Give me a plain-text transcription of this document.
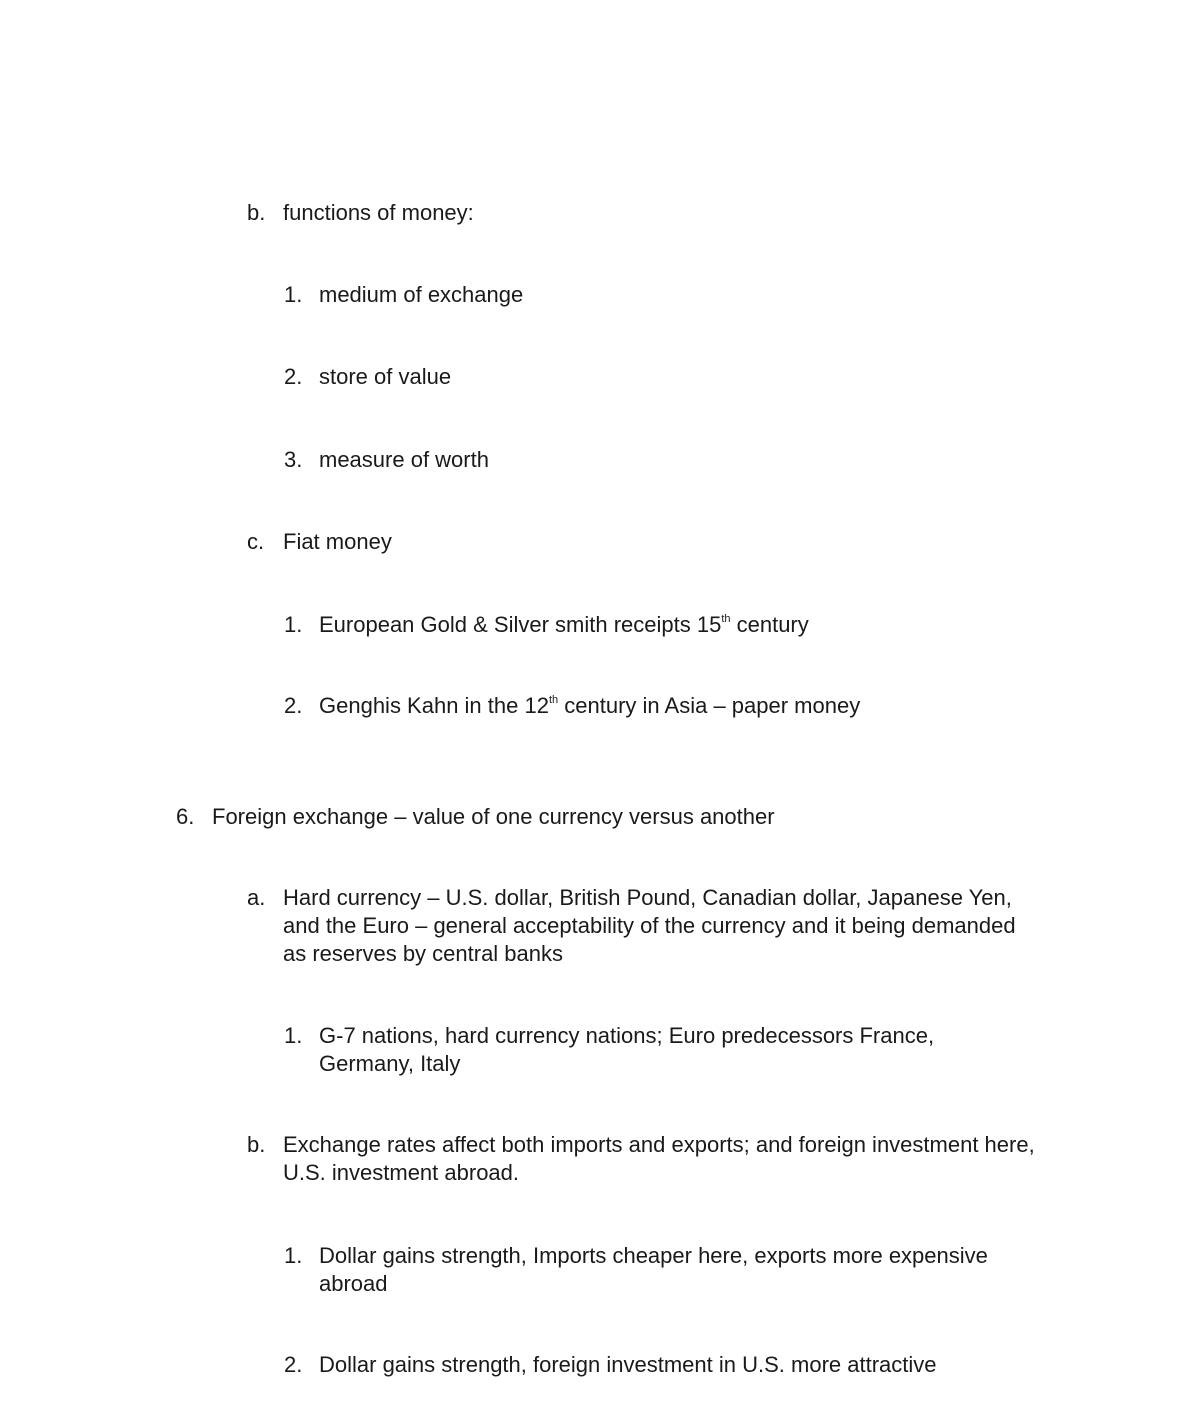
b. functions of money:
1. medium of exchange
2. store of value
3. measure of worth
c. Fiat money
1. European Gold & Silver smith receipts 15th century
2. Genghis Kahn in the 12th century in Asia – paper money
6. Foreign exchange – value of one currency versus another
a. Hard currency – U.S. dollar, British Pound, Canadian dollar, Japanese Yen, and the Euro – general acceptability of the currency and it being demanded as reserves by central banks
1. G-7 nations, hard currency nations; Euro predecessors France, Germany, Italy
b. Exchange rates affect both imports and exports; and foreign investment here, U.S. investment abroad.
1. Dollar gains strength, Imports cheaper here, exports more expensive abroad
2. Dollar gains strength, foreign investment in U.S. more attractive
